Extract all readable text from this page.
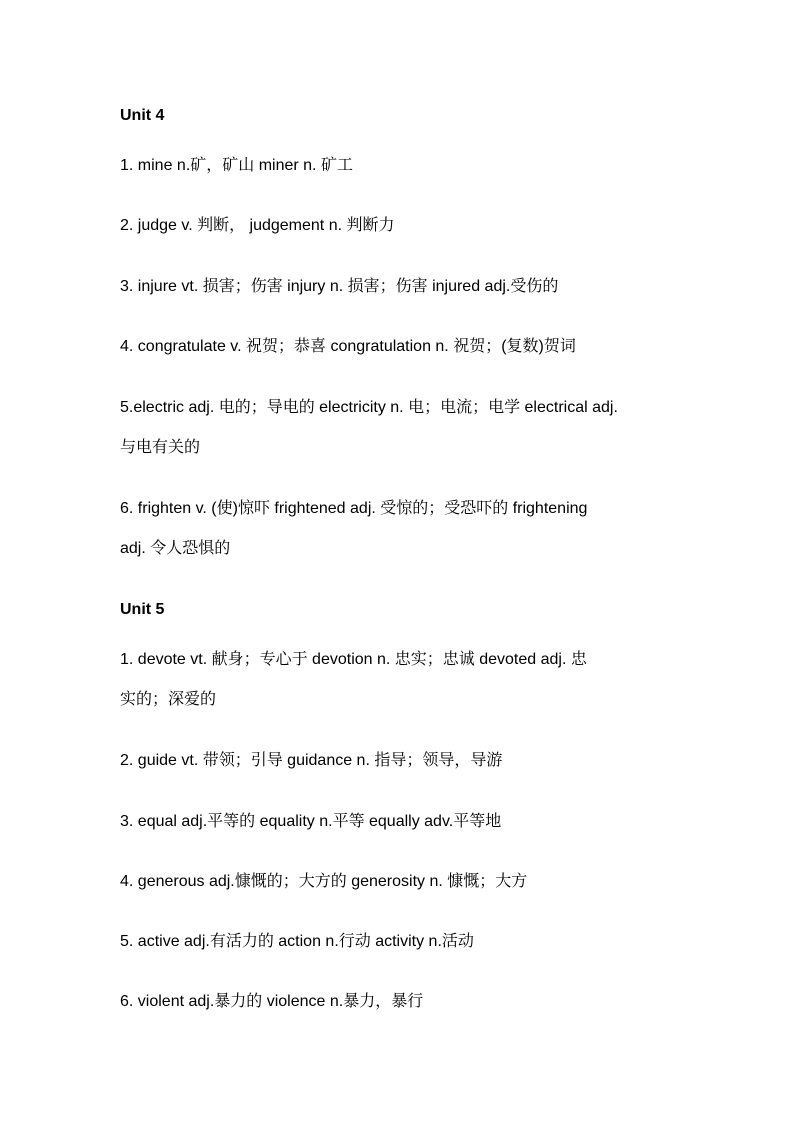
Unit 4
1. mine n.矿，矿山 miner n. 矿工
2. judge v. 判断， judgement n. 判断力
3. injure vt. 损害；伤害 injury n. 损害；伤害 injured adj.受伤的
4. congratulate v. 祝贺；恭喜 congratulation n. 祝贺；(复数)贺词
5.electric adj. 电的；导电的 electricity n. 电；电流；电学 electrical adj.
与电有关的
6. frighten v. (使)惊吓 frightened adj. 受惊的；受恐吓的 frightening
adj. 令人恐惧的
Unit 5
1. devote vt. 献身；专心于 devotion n. 忠实；忠诚 devoted adj. 忠
实的；深爱的
2. guide vt. 带领；引导 guidance n. 指导；领导，导游
3. equal adj.平等的 equality n.平等 equally adv.平等地
4. generous adj.慷慨的；大方的 generosity n. 慷慨；大方
5. active adj.有活力的 action n.行动 activity n.活动
6. violent adj.暴力的 violence n.暴力，暴行
